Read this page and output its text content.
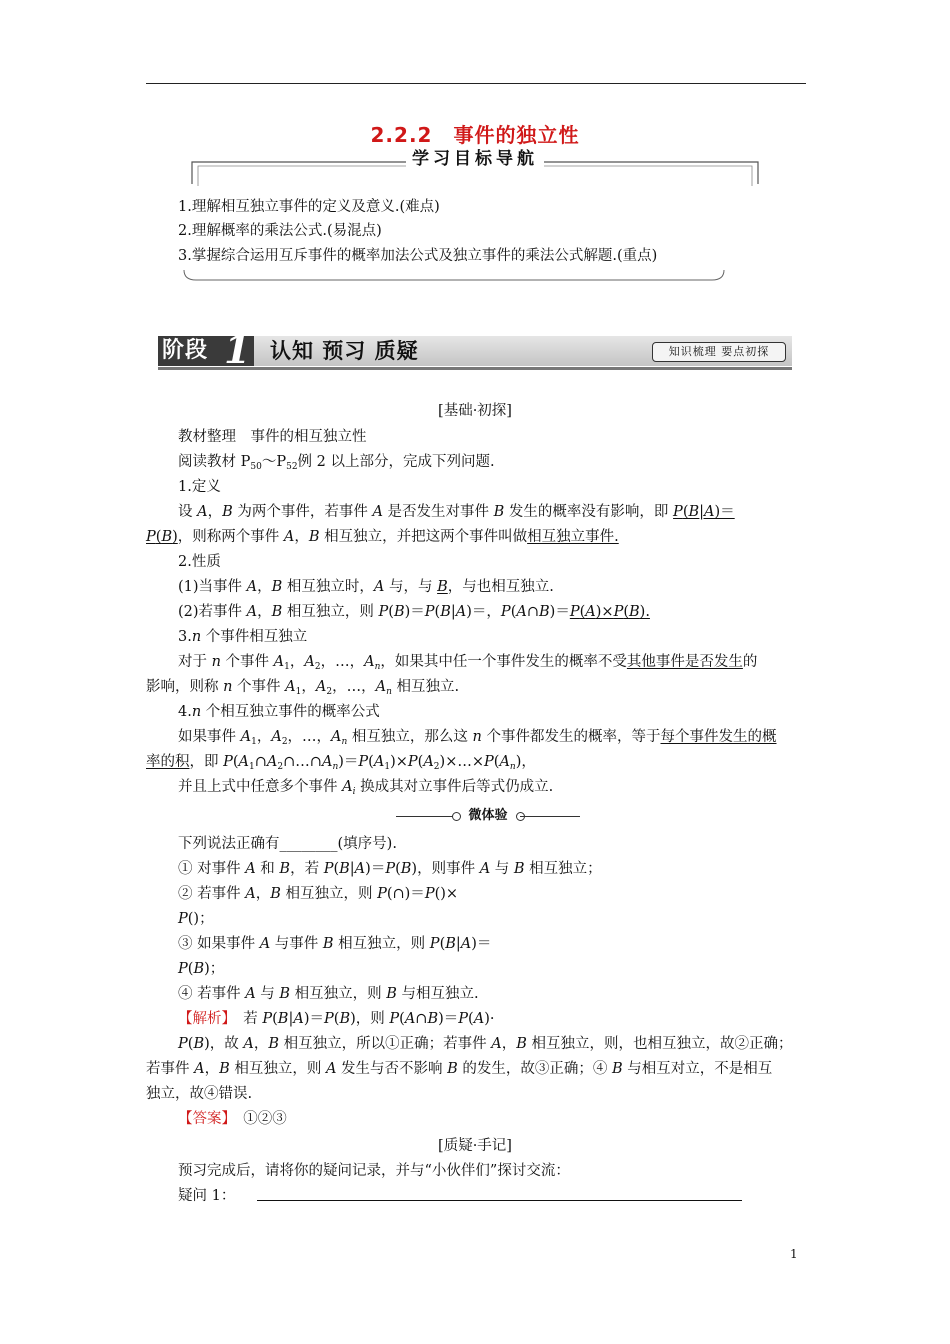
2.2.2　事件的独立性
学习目标导航
1.理解相互独立事件的定义及意义.(难点)
2.理解概率的乘法公式.(易混点)
3.掌握综合运用互斥事件的概率加法公式及独立事件的乘法公式解题.(重点)
阶段 1 认知 预习 质疑	知识梳理 要点初探
[基础·初探]
教材整理　事件的相互独立性
阅读教材 $P_{50}\sim P_{52}$例 2 以上部分，完成下列问题.
1.定义
设 A，B 为两个事件，若事件 A 是否发生对事件 B 发生的概率没有影响，即 P(B|A)＝
P(B)，则称两个事件 A，B 相互独立，并把这两个事件叫做相互独立事件.
2.性质
(1)当事件 A，B 相互独立时，A 与，与 B，与也相互独立.
(2)若事件 A，B 相互独立，则 P(B)＝P(B|A)＝，P(A∩B)＝P(A)×P(B).
3.n 个事件相互独立
对于 n 个事件 $A_1$，$A_2$，…，$A_n$，如果其中任一个事件发生的概率不受其他事件是否发生的
影响，则称 n 个事件 $A_1$，$A_2$，…，$A_n$ 相互独立.
4.n 个相互独立事件的概率公式
如果事件 $A_1$，$A_2$，…，$A_n$ 相互独立，那么这 n 个事件都发生的概率，等于每个事件发生的概
率的积，即 $P(A_1\cap A_2\cap\dots\cap A_n)=P(A_1)\times P(A_2)\times\dots\times P(A_n)$，
并且上式中任意多个事件 $A_i$ 换成其对立事件后等式仍成立.
微体验
下列说法正确有________(填序号).
① 对事件 A 和 B，若 P(B|A)＝P(B)，则事件 A 与 B 相互独立；
② 若事件 A，B 相互独立，则 P(∩)＝P()×
P()；
③ 如果事件 A 与事件 B 相互独立，则 P(B|A)＝
P(B)；
④ 若事件 A 与 B 相互独立，则 B 与相互独立.
【解析】　若 P(B|A)＝P(B)，则 P(A∩B)＝P(A)·
P(B)，故 A，B 相互独立，所以①正确；若事件 A，B 相互独立，则，也相互独立，故②正确；
若事件 A，B 相互独立，则 A 发生与否不影响 B 的发生，故③正确；④ B 与相互对立，不是相互
独立，故④错误.
【答案】　 ①②③
[质疑·手记]
预习完成后，请将你的疑问记录，并与“小伙伴们”探讨交流：
疑问 1：
1
